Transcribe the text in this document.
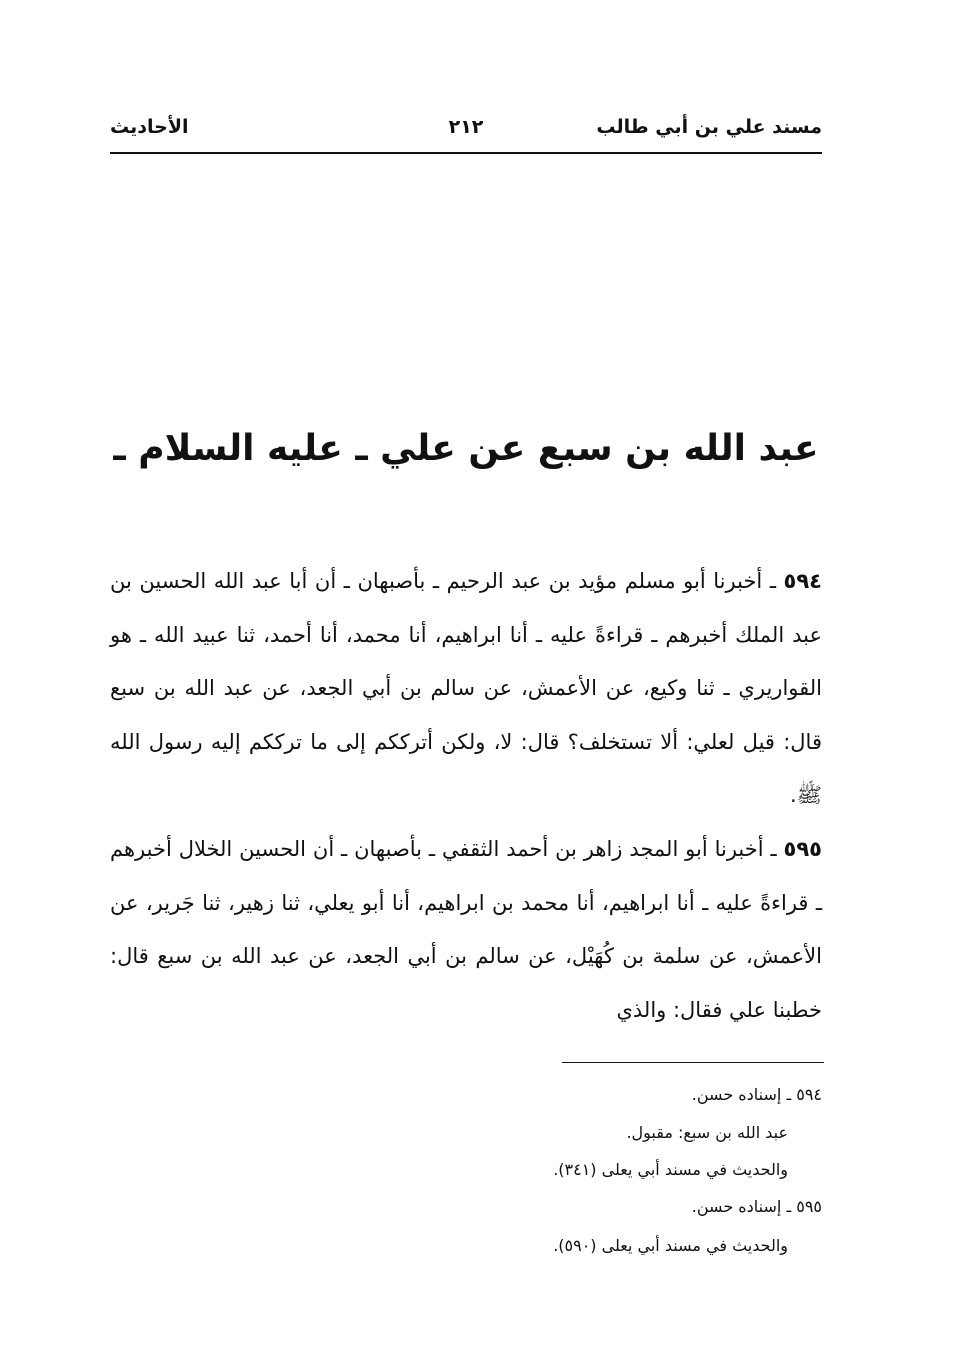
مسند علي بن أبي طالب
٢١٢
الأحاديث
عبد الله بن سبع عن علي ـ عليه السلام ـ
٥٩٤ ـ أخبرنا أبو مسلم مؤيد بن عبد الرحيم ـ بأصبهان ـ أن أبا عبد الله الحسين بن عبد الملك أخبرهم ـ قراءةً عليه ـ أنا ابراهيم، أنا محمد، أنا أحمد، ثنا عبيد الله ـ هو القواريري ـ ثنا وكيع، عن الأعمش، عن سالم بن أبي الجعد، عن عبد الله بن سبع قال: قيل لعلي: ألا تستخلف؟ قال: لا، ولكن أترككم إلى ما ترككم إليه رسول الله ﷺ.
٥٩٥ ـ أخبرنا أبو المجد زاهر بن أحمد الثقفي ـ بأصبهان ـ أن الحسين الخلال أخبرهم ـ قراءةً عليه ـ أنا ابراهيم، أنا محمد بن ابراهيم، أنا أبو يعلي، ثنا زهير، ثنا جَرير، عن الأعمش، عن سلمة بن كُهَيْل، عن سالم بن أبي الجعد، عن عبد الله بن سبع قال: خطبنا علي فقال: والذي
٥٩٤ ـ إسناده حسن.
عبد الله بن سبع: مقبول.
والحديث في مسند أبي يعلى (٣٤١).
٥٩٥ ـ إسناده حسن.
والحديث في مسند أبي يعلى (٥٩٠).
